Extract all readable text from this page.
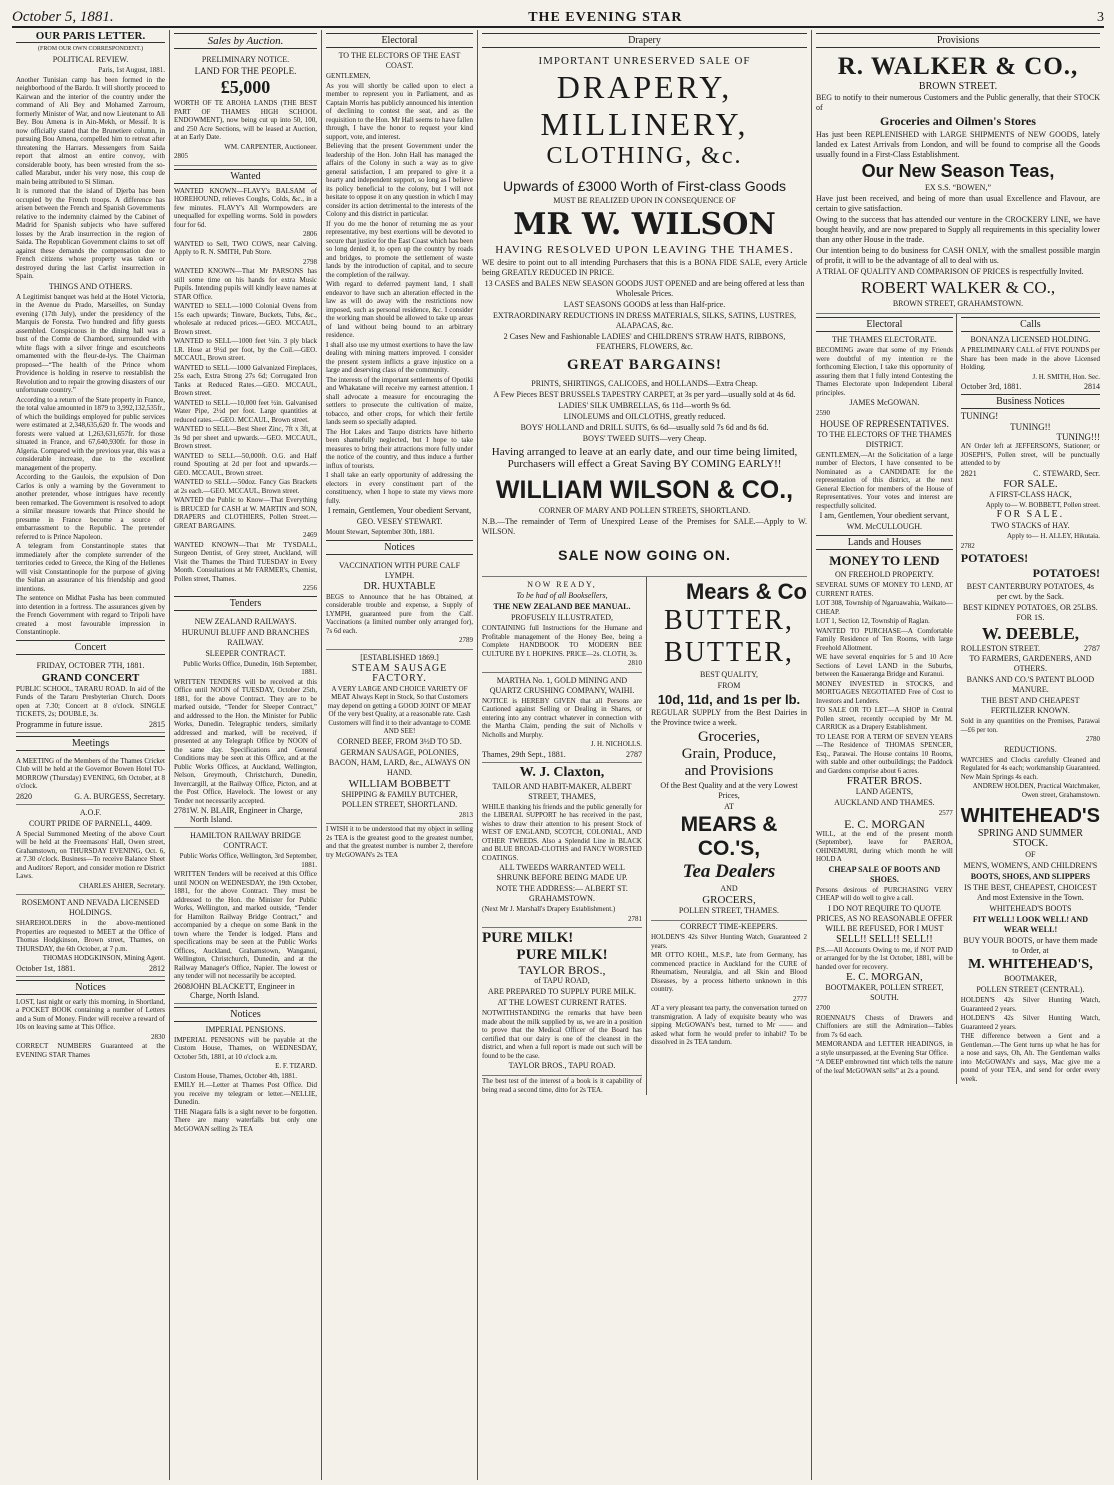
October 5, 1881.	THE EVENING STAR	3
OUR PARIS LETTER.
(FROM OUR OWN CORRESPONDENT.)
POLITICAL REVIEW.
Paris, 1st August, 1881.

Another Tunisian camp has been formed in the neighborhood of the Bardo. It will shortly proceed to Kairwan and the interior of the country under the command of Ali Bey and Mohamed Zarroum, formerly Minister of War, and now Lieutenant to Ali Bey. Bou Amena is in Ain-Mekh, or Messif. It is now officially stated that the Brunetiere column, in pursuing Bou Amena, compelled him to retreat after threatening the Harrars. Messengers from Saida report that almost an entire convoy, with considerable booty, has been wrested from the so-called Marabut, under his very nose, this coup de main being attributed to Si Sliman.

It is rumored that the island of Djerba has been occupied by the French troops. A difference has arisen between the French and Spanish Governments relative to the indemnity claimed by the Cabinet of Madrid for Spanish subjects who have suffered losses by the Arab insurrection in the region of Saida. The Republican Government claims to set off against these demands the compensation due to French citizens whose property was taken or destroyed during the last Carlist insurrection in Spain.

THINGS AND OTHERS.

A Legitimist banquet was held at the Hotel Victoria, in the Avenue du Prado, Marseilles, on Sunday evening (17th July), under the presidency of the Marquis de Foresta. Two hundred and fifty guests assembled. Conspicuous in the dining hall was a bust of the Comte de Chambord, surrounded with white flags with a silver fringe and escutcheons ornamented with the fleur-de-lys. The Chairman proposed—“The health of the Prince whom Providence is holding in reserve to reestablish the Revolution and to repair the growing disasters of our unfortunate country.”

According to a return of the State property in France, the total value amounted in 1879 to 3,992,132,535fr., of which the buildings employed for public services were estimated at 2,348,635,620 fr. The woods and forests were valued at 1,263,631,657fr. for those situated in France, and 67,640,930fr. for those in Algeria. Compared with the previous year, this was a considerable increase, due to the excellent management of the property.

According to the Gaulois, the expulsion of Don Carlos is only a warning by the Government to another pretender, whose intrigues have recently been remarked. The Government is resolved to adopt a similar measure towards that Prince should he presume in France become a source of embarrassment to the Republic. The pretender referred to is Prince Napoleon.

A telegram from Constantinople states that immediately after the complete surrender of the territories ceded to Greece, the King of the Hellenes will visit Constantinople for the purpose of giving the Sultan an assurance of his friendship and good intentions.

The sentence on Midhat Pasha has been commuted into detention in a fortress. The assurances given by the French Government with regard to Tripoli have created a most favourable impression in Constantinople.

Concert
FRIDAY, OCTOBER 7TH, 1881.
GRAND CONCERT

PUBLIC SCHOOL, TARARU ROAD. In aid of the Funds of the Tararu Presbyterian Church. Doors open at 7.30; Concert at 8 o'clock. SINGLE TICKETS, 2s; DOUBLE, 3s.

Programme in future issue.	2815
Meetings

A MEETING of the Members of the Thames Cricket Club will be held at the Governor Bowen Hotel TO-MORROW (Thursday) EVENING, 6th October, at 8 o'clock.

2820	G. A. BURGESS, Secretary.
A.O.F.
COURT PRIDE OF PARNELL, 4409.

A Special Summoned Meeting of the above Court will be held at the Freemasons' Hall, Owen street, Grahamstown, on THURSDAY EVENING, Oct. 6, at 7.30 o'clock. Business—To receive Balance Sheet and Auditors' Report, and consider motion re District Laws.

CHARLES AHIER, Secretary.
ROSEMONT AND NEVADA LICENSED HOLDINGS.

SHAREHOLDERS in the above-mentioned Properties are requested to MEET at the Office of Thomas Hodgkinson, Brown street, Thames, on THURSDAY, the 6th October, at 7 p.m.

THOMAS HODGKINSON, Mining Agent.
October 1st, 1881.	2812
Notices

LOST, last night or early this morning, in Shortland, a POCKET BOOK containing a number of Letters and a Sum of Money. Finder will receive a reward of 10s on leaving same at This Office.

2830

CORRECT NUMBERS Guaranteed at the EVENING STAR Thames

Sales by Auction.
PRELIMINARY NOTICE.
LAND FOR THE PEOPLE.
£5,000

WORTH OF TE AROHA LANDS (THE BEST PART OF THAMES HIGH SCHOOL ENDOWMENT), now being cut up into 50, 100, and 250 Acre Sections, will be leased at Auction, at an Early Date.

WM. CARPENTER, Auctioneer.
2805
Wanted

WANTED KNOWN—FLAVY's BALSAM of HOREHOUND, relieves Coughs, Colds, &c., in a few minutes. FLAVY's All Wormpowders are unequalled for expelling worms. Sold in powders four for 6d.

2806

WANTED to Sell, TWO COWS, near Calving. Apply to R. N. SMITH, Pub Store.

2798

WANTED KNOWN—That Mr PARSONS has still some time on his hands for extra Music Pupils. Intending pupils will kindly leave names at STAR Office.

WANTED to SELL—1000 Colonial Ovens from 15s each upwards; Tinware, Buckets, Tubs, &c., wholesale at reduced prices.—GEO. MCCAUL, Brown street.

WANTED to SELL—1000 feet ½in. 3 ply black I.R. Hose at 9½d per foot, by the Coil.—GEO. MCCAUL, Brown street.

WANTED to SELL—1000 Galvanized Fireplaces, 25s each, Extra Strong 27s 6d; Corrugated Iron Tanks at Reduced Rates.—GEO. MCCAUL, Brown street.

WANTED to SELL—10,000 feet ½in. Galvanised Water Pipe, 2½d per foot. Large quantities at reduced rates.—GEO. MCCAUL, Brown street.

WANTED to SELL—Best Sheet Zinc, 7ft x 3ft, at 3s 9d per sheet and upwards.—GEO. MCCAUL, Brown street.

WANTED to SELL—50,000ft. O.G. and Half round Spouting at 2d per foot and upwards.—GEO. MCCAUL, Brown street.

WANTED to SELL—50doz. Fancy Gas Brackets at 2s each.—GEO. MCCAUL, Brown street.

WANTED the Public to Know—That Everything is BRUCED for CASH at W. MARTIN and SON, DRAPERS and CLOTHIERS, Pollen Street.—GREAT BARGAINS.

2469

WANTED KNOWN—That Mr TYSDALL, Surgeon Dentist, of Grey street, Auckland, will Visit the Thames the Third TUESDAY in Every Month. Consultations at Mr FARMER's, Chemist, Pollen street, Thames.

2256
Tenders
NEW ZEALAND RAILWAYS.
HURUNUI BLUFF AND BRANCHES RAILWAY.
SLEEPER CONTRACT.
Public Works Office, Dunedin, 16th September, 1881.

WRITTEN TENDERS will be received at this Office until NOON of TUESDAY, October 25th, 1881, for the above Contract. They are to be marked outside, “Tender for Sleeper Contract,” and addressed to the Hon. the Minister for Public Works, Dunedin. Telegraphic tenders, similarly addressed and marked, will be received, if presented at any Telegraph Office by NOON of the same day. Specifications and General Conditions may be seen at this Office, and at the Public Works Offices, at Auckland, Wellington, Nelson, Greymouth, Christchurch, Dunedin, Invercargill, at the Railway Office, Picton, and at the Post Office, Havelock. The lowest or any Tender not necessarily accepted.

2781 W. N. BLAIR, Engineer in Charge, North Island.
HAMILTON RAILWAY BRIDGE CONTRACT.
Public Works Office, Wellington, 3rd September, 1881.

WRITTEN Tenders will be received at this Office until NOON on WEDNESDAY, the 19th October, 1881, for the above Contract. They must be addressed to the Hon. the Minister for Public Works, Wellington, and marked outside, “Tender for Hamilton Railway Bridge Contract,” and accompanied by a cheque on some Bank in the town where the Tender is lodged. Plans and specifications may be seen at the Public Works Offices, Auckland, Grahamstown, Wanganui, Wellington, Christchurch, Dunedin, and at the Railway Manager's Office, Napier. The lowest or any tender will not necessarily be accepted.

2608 JOHN BLACKETT, Engineer in Charge, North Island.
Notices
IMPERIAL PENSIONS.

IMPERIAL PENSIONS will be payable at the Custom House, Thames, on WEDNESDAY, October 5th, 1881, at 10 o'clock a.m.

E. F. TIZARD.
Custom House, Thames, October 4th, 1881.

EMILY H.—Letter at Thames Post Office. Did you receive my telegram or letter.—NELLIE, Dunedin.

THE Niagara falls is a sight never to be forgotten. There are many waterfalls but only one McGOWAN selling 2s TEA

Electoral
TO THE ELECTORS OF THE EAST COAST.
GENTLEMEN,

As you will shortly be called upon to elect a member to represent you in Parliament, and as Captain Morris has publicly announced his intention of declining to contest the seat, and as the requisition to the Hon. Mr Hall seems to have fallen through, I have the honor to request your kind support, vote, and interest.

Believing that the present Government under the leadership of the Hon. John Hall has managed the affairs of the Colony in such a way as to give general satisfaction, I am prepared to give it a hearty and independent support, so long as I believe its policy beneficial to the colony, but I will not hesitate to oppose it on any question in which I may consider its action detrimental to the interests of the Colony and this district in particular.

If you do me the honor of returning me as your representative, my best exertions will be devoted to secure that justice for the East Coast which has been so long denied it, to open up the country by roads and bridges, to promote the settlement of waste lands by the introduction of capital, and to secure the completion of the railway.

With regard to deferred payment land, I shall endeavor to have such an alteration effected in the law as will do away with the restrictions now imposed, such as personal residence, &c. I consider the working man should be allowed to take up areas of land without being bound to an arbitrary residence.

I shall also use my utmost exertions to have the law dealing with mining matters improved. I consider the present system inflicts a grave injustice on a large and deserving class of the community.

The interests of the important settlements of Opotiki and Whakatane will receive my earnest attention. I shall advocate a measure for encouraging the settlers to prosecute the cultivation of maize, tobacco, and other crops, for which their fertile lands seem so specially adapted.

The Hot Lakes and Taupo districts have hitherto been shamefully neglected, but I hope to take measures to bring their attractions more fully under the notice of the country, and thus induce a further influx of tourists.

I shall take an early opportunity of addressing the electors in every constituent part of the constituency, when I hope to state my views more fully.

I remain, Gentlemen, Your obedient Servant,
GEO. VESEY STEWART.
Mount Stewart, September 30th, 1881.
Notices
VACCINATION WITH PURE CALF LYMPH.
DR. HUXTABLE

BEGS to Announce that he has Obtained, at considerable trouble and expense, a Supply of LYMPH, guaranteed pure from the Calf. Vaccinations (a limited number only arranged for), 7s 6d each.

2789
[ESTABLISHED 1869.]
STEAM SAUSAGE FACTORY.

A VERY LARGE AND CHOICE VARIETY OF MEAT Always Kept in Stock, So that Customers may depend on getting a GOOD JOINT OF MEAT Of the very best Quality, at a reasonable rate. Cash Customers will find it to their advantage to COME AND SEE!

CORNED BEEF, FROM 3½D TO 5D.
GERMAN SAUSAGE, POLONIES, BACON, HAM, LARD, &c., ALWAYS ON HAND.
WILLIAM BOBBETT
SHIPPING & FAMILY BUTCHER, POLLEN STREET, SHORTLAND.
2813

I WISH it to be understood that my object in selling 2s TEA is the greatest good to the greatest number, and that the greatest number is number 2, therefore try McGOWAN's 2s TEA

Drapery
IMPORTANT UNRESERVED SALE OF
DRAPERY, MILLINERY,
CLOTHING, &c.
Upwards of £3000 Worth of First-class Goods
MUST BE REALIZED UPON IN CONSEQUENCE OF
MR W. WILSON
HAVING RESOLVED UPON LEAVING THE THAMES.

WE desire to point out to all intending Purchasers that this is a BONA FIDE SALE, every Article being GREATLY REDUCED IN PRICE.

13 CASES and BALES NEW SEASON GOODS JUST OPENED and are being offered at less than Wholesale Prices.
LAST SEASONS GOODS at less than Half-price.
EXTRAORDINARY REDUCTIONS IN DRESS MATERIALS, SILKS, SATINS, LUSTRES, ALAPACAS, &c.
2 Cases New and Fashionable LADIES' and CHILDREN'S STRAW HATS, RIBBONS, FEATHERS, FLOWERS, &c.
GREAT BARGAINS!
PRINTS, SHIRTINGS, CALICOES, and HOLLANDS—Extra Cheap.
A Few Pieces BEST BRUSSELS TAPESTRY CARPET, at 3s per yard—usually sold at 4s 6d.
LADIES' SILK UMBRELLAS, 6s 11d—worth 9s 6d.
LINOLEUMS and OILCLOTHS, greatly reduced.
BOYS' HOLLAND and DRILL SUITS, 6s 6d—usually sold 7s 6d and 8s 6d.
BOYS' TWEED SUITS—very Cheap.
Having arranged to leave at an early date, and our time being limited, Purchasers will effect a Great Saving BY COMING EARLY!!
WILLIAM WILSON & CO.,
CORNER OF MARY AND POLLEN STREETS, SHORTLAND.

N.B.—The remainder of Term of Unexpired Lease of the Premises for SALE.—Apply to W. WILSON.

SALE NOW GOING ON.
NOW READY,
To be had of all Booksellers,
THE NEW ZEALAND BEE MANUAL.
PROFUSELY ILLUSTRATED,

CONTAINING full Instructions for the Humane and Profitable management of the Honey Bee, being a Complete HANDBOOK TO MODERN BEE CULTURE BY I. HOPKINS. PRICE—2s. CLOTH, 3s.

2810
MARTHA No. 1, GOLD MINING AND QUARTZ CRUSHING COMPANY, WAIHI.

NOTICE is HEREBY GIVEN that all Persons are Cautioned against Selling or Dealing in Shares, or entering into any contract whatever in connection with the Martha Claim, pending the suit of Nicholls v Nicholls and Murphy.

J. H. NICHOLLS.
Thames, 29th Sept., 1881.	2787
W. J. Claxton,
TAILOR AND HABIT-MAKER, ALBERT STREET, THAMES,

WHILE thanking his friends and the public generally for the LIBERAL SUPPORT he has received in the past, wishes to draw their attention to his present Stock of WEST OF ENGLAND, SCOTCH, COLONIAL, AND OTHER TWEEDS. Also a Splendid Line in BLACK and BLUE BROAD-CLOTHS and FANCY WORSTED COATINGS.

ALL TWEEDS WARRANTED WELL SHRUNK BEFORE BEING MADE UP.
NOTE THE ADDRESS:— ALBERT ST. GRAHAMSTOWN.
(Next Mr J. Marshall's Drapery Establishment.)
2781
PURE MILK!
PURE MILK!
TAYLOR BROS.,
of TAPU ROAD,
ARE PREPARED TO SUPPLY PURE MILK.
AT THE LOWEST CURRENT RATES.

NOTWITHSTANDING the remarks that have been made about the milk supplied by us, we are in a position to prove that the Medical Officer of the Board has certified that our dairy is one of the cleanest in the district, and when a full report is made out such will be found to be the case.

TAYLOR BROS., TAPU ROAD.

The best test of the interest of a book is it capability of being read a second time, ditto for 2s TEA.

Mears & Co
BUTTER,
BUTTER,
BEST QUALITY,
FROM
10d, 11d, and 1s per lb.

REGULAR SUPPLY from the Best Dairies in the Province twice a week.

Groceries,
Grain, Produce,
and Provisions
Of the Best Quality and at the very Lowest Prices,
AT
MEARS & CO.'S,
Tea Dealers
AND
GROCERS,
POLLEN STREET, THAMES.
CORRECT TIME-KEEPERS.

HOLDEN'S 42s Silver Hunting Watch, Guaranteed 2 years.

MR OTTO KOHL, M.S.P., late from Germany, has commenced practice in Auckland for the CURE of Rheumatism, Neuralgia, and all Skin and Blood Diseases, by a process hitherto unknown in this country.

2777

AT a very pleasant tea party, the conversation turned on transmigration. A lady of exquisite beauty who was sipping McGOWAN's best, turned to Mr —— and asked what form he would prefer to inhabit? To be dissolved in 2s TEA tandum.

Provisions
R. WALKER & CO.,
BROWN STREET.

BEG to notify to their numerous Customers and the Public generally, that their STOCK of

Groceries and Oilmen's Stores

Has just been REPLENISHED with LARGE SHIPMENTS of NEW GOODS, lately landed ex Latest Arrivals from London, and will be found to comprise all the Goods usually found in a First-Class Establishment.

Our New Season Teas,
EX S.S. “BOWEN,”

Have just been received, and being of more than usual Excellence and Flavour, are certain to give satisfaction.

Owing to the success that has attended our venture in the CROCKERY LINE, we have bought heavily, and are now prepared to Supply all requirements in this speciality lower than any other House in the trade.

Our intention being to do business for CASH ONLY, with the smallest possible margin of profit, it will to be the advantage of all to deal with us.

A TRIAL OF QUALITY AND COMPARISON OF PRICES is respectfully Invited.

ROBERT WALKER & CO.,
BROWN STREET, GRAHAMSTOWN.
Electoral
THE THAMES ELECTORATE.

BECOMING aware that some of my Friends were doubtful of my intention re the forthcoming Election, I take this opportunity of assuring them that I fully intend Contesting the Thames Electorate upon Independent Liberal principles.

JAMES McGOWAN.
2590
HOUSE OF REPRESENTATIVES.
TO THE ELECTORS OF THE THAMES DISTRICT.

GENTLEMEN,—At the Solicitation of a large number of Electors, I have consented to be Nominated as a CANDIDATE for the representation of this district, at the next General Election for members of the House of Representatives. Your votes and interest are respectfully solicited.

I am, Gentlemen, Your obedient servant,
WM. McCULLOUGH.
Lands and Houses
MONEY TO LEND
ON FREEHOLD PROPERTY.

SEVERAL SUMS OF MONEY TO LEND, AT CURRENT RATES.

LOT 308, Township of Ngaruawahia, Waikato—CHEAP.

LOT 1, Section 12, Township of Raglan.

WANTED TO PURCHASE—A Comfortable Family Residence of Ten Rooms, with large Freehold Allotment.

WE have several enquiries for 5 and 10 Acre Sections of Level LAND in the Suburbs, between the Kauaeranga Bridge and Kuranui.

MONEY INVESTED in STOCKS, and MORTGAGES NEGOTIATED Free of Cost to Investors and Lenders.

TO SALE OR TO LET—A SHOP in Central Pollen street, recently occupied by Mr M. CARRICK as a Drapery Establishment.

TO LEASE FOR A TERM OF SEVEN YEARS—The Residence of THOMAS SPENCER, Esq., Parawai. The House contains 10 Rooms, with stable and other outbuildings; the Paddock and Gardens comprise about 6 acres.

FRATER BROS.
LAND AGENTS,
AUCKLAND AND THAMES.
2577
E. C. MORGAN

WILL, at the end of the present month (September), leave for PAEROA, OHINEMURI, during which month he will HOLD A

CHEAP SALE OF BOOTS AND SHOES.

Persons desirous of PURCHASING VERY CHEAP will do well to give a call.

I DO NOT REQUIRE TO QUOTE PRICES, AS NO REASONABLE OFFER WILL BE REFUSED, FOR I MUST
SELL!! SELL!! SELL!!

P.S.—All Accounts Owing to me, if NOT PAID or arranged for by the 1st October, 1881, will be handed over for recovery.

E. C. MORGAN,
BOOTMAKER, POLLEN STREET, SOUTH.
2700

ROENNAU'S Chests of Drawers and Chiffoniers are still the Admiration—Tables from 7s 6d each.

MEMORANDA and LETTER HEADINGS, in a style unsurpassed, at the Evening Star Office.

“A DEEP embrowned tint which tells the nature of the leaf McGOWAN sells” at 2s a pound.

Calls
BONANZA LICENSED HOLDING.

A PRELIMINARY CALL of FIVE POUNDS per Share has been made in the above Licensed Holding.

J. H. SMITH, Hon. Sec.
October 3rd, 1881.	2814
Business Notices
TUNING!
TUNING!!
TUNING!!!

AN Order left at JEFFERSON'S, Stationer; or JOSEPH'S, Pollen street, will be punctually attended to by

2821	C. STEWARD, Secr.
FOR SALE.
A FIRST-CLASS HACK,
Apply to— W. BOBBETT, Pollen street.
FOR SALE.
TWO STACKS of HAY.
Apply to— H. ALLEY, Hikutaia.
2782
POTATOES!
POTATOES!
BEST CANTERBURY POTATOES, 4s per cwt. by the Sack.
BEST KIDNEY POTATOES, OR 25LBS. FOR 1S.
W. DEEBLE,
ROLLESTON STREET.	2787
TO FARMERS, GARDENERS, AND OTHERS.
BANKS AND CO.'S PATENT BLOOD MANURE.
THE BEST AND CHEAPEST FERTILIZER KNOWN.

Sold in any quantities on the Premises, Parawai—£6 per ton.

2780
REDUCTIONS.

WATCHES and Clocks carefully Cleaned and Regulated for 4s each; workmanship Guaranteed. New Main Springs 4s each.

ANDREW HOLDEN, Practical Watchmaker, Owen street, Grahamstown.
WHITEHEAD'S
SPRING AND SUMMER STOCK.
OF
MEN'S, WOMEN'S, AND CHILDREN'S
BOOTS, SHOES, AND SLIPPERS
IS THE BEST, CHEAPEST, CHOICEST And most Extensive in the Town.
WHITEHEAD'S BOOTS
FIT WELL! LOOK WELL! AND WEAR WELL!
BUY YOUR BOOTS, or have them made to Order, at
M. WHITEHEAD'S,
BOOTMAKER,
POLLEN STREET (CENTRAL).

HOLDEN'S 42s Silver Hunting Watch, Guaranteed 2 years.

HOLDEN'S 42s Silver Hunting Watch, Guaranteed 2 years.

THE difference between a Gent and a Gentleman.—The Gent turns up what he has for a nose and says, Oh, Ah. The Gentleman walks into McGOWAN's and says, Mac give me a pound of your TEA, and send for order every week.
